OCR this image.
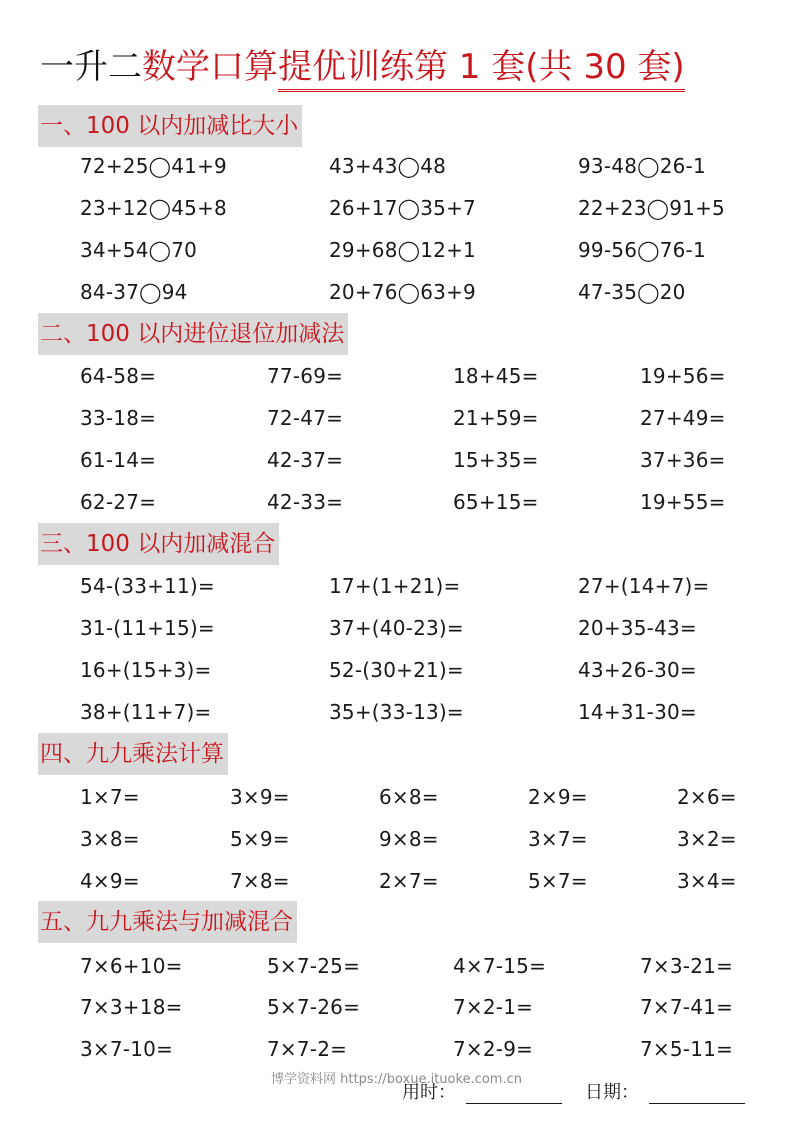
一升二数学口算提优训练第 1 套(共 30 套)
一、100 以内加减比大小
72+25◯41+9	43+43◯48	93-48◯26-1
23+12◯45+8	26+17◯35+7	22+23◯91+5
34+54◯70	29+68◯12+1	99-56◯76-1
84-37◯94	20+76◯63+9	47-35◯20
二、100 以内进位退位加减法
64-58=	77-69=	18+45=	19+56=
33-18=	72-47=	21+59=	27+49=
61-14=	42-37=	15+35=	37+36=
62-27=	42-33=	65+15=	19+55=
三、100 以内加减混合
54-(33+11)=	17+(1+21)=	27+(14+7)=
31-(11+15)=	37+(40-23)=	20+35-43=
16+(15+3)=	52-(30+21)=	43+26-30=
38+(11+7)=	35+(33-13)=	14+31-30=
四、九九乘法计算
1×7=	3×9=	6×8=	2×9=	2×6=
3×8=	5×9=	9×8=	3×7=	3×2=
4×9=	7×8=	2×7=	5×7=	3×4=
五、九九乘法与加减混合
7×6+10=	5×7-25=	4×7-15=	7×3-21=
7×3+18=	5×7-26=	7×2-1=	7×7-41=
3×7-10=	7×7-2=	7×2-9=	7×5-11=
博学资料网 https://boxue.ituoke.com.cn
用时：	日期：
